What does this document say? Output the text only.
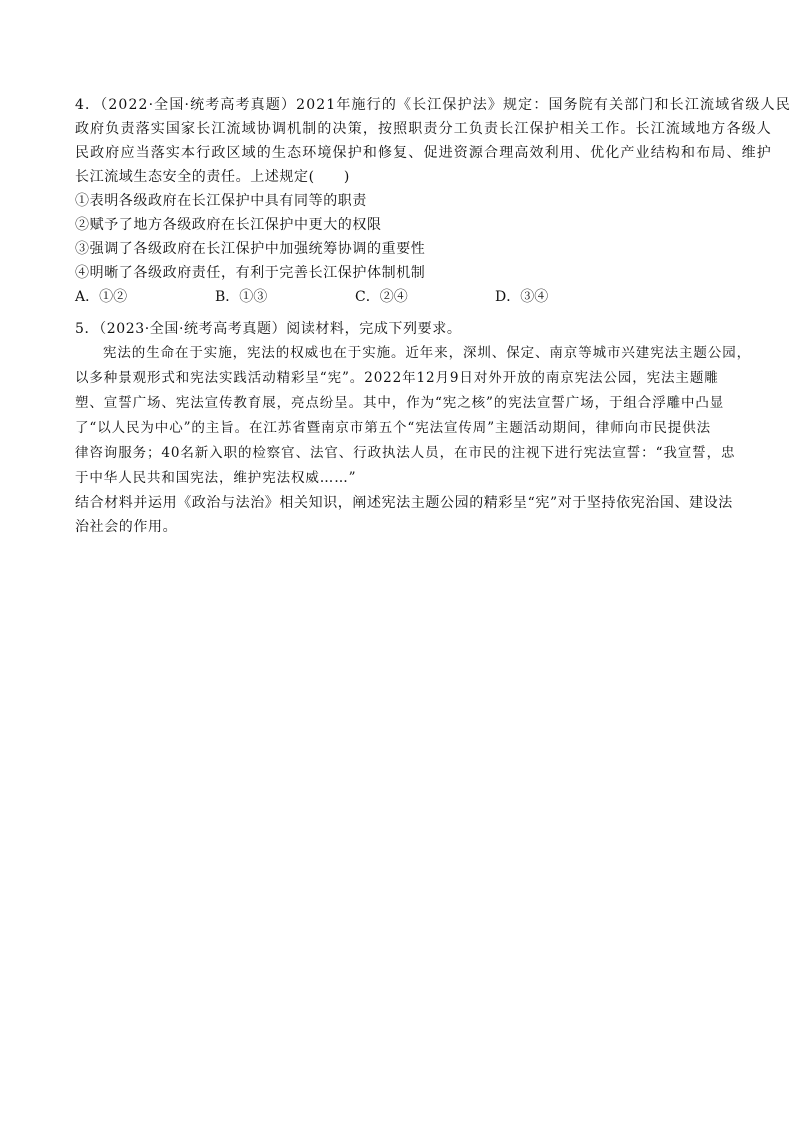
4．（2022·全国·统考高考真题）2021年施行的《长江保护法》规定：国务院有关部门和长江流域省级人民
政府负责落实国家长江流域协调机制的决策，按照职责分工负责长江保护相关工作。长江流域地方各级人
民政府应当落实本行政区域的生态环境保护和修复、促进资源合理高效利用、优化产业结构和布局、维护
长江流域生态安全的责任。上述规定(　　)
①表明各级政府在长江保护中具有同等的职责
②赋予了地方各级政府在长江保护中更大的权限
③强调了各级政府在长江保护中加强统筹协调的重要性
④明晰了各级政府责任，有利于完善长江保护体制机制
A．①②	B．①③	C．②④	D．③④
5．（2023·全国·统考高考真题）阅读材料，完成下列要求。
宪法的生命在于实施，宪法的权威也在于实施。近年来，深圳、保定、南京等城市兴建宪法主题公园，
以多种景观形式和宪法实践活动精彩呈“宪”。2022年12月9日对外开放的南京宪法公园，宪法主题雕
塑、宣誓广场、宪法宣传教育展，亮点纷呈。其中，作为“宪之核”的宪法宣誓广场，于组合浮雕中凸显
了“以人民为中心”的主旨。在江苏省暨南京市第五个“宪法宣传周”主题活动期间，律师向市民提供法
律咨询服务；40名新入职的检察官、法官、行政执法人员，在市民的注视下进行宪法宣誓：“我宣誓，忠
于中华人民共和国宪法，维护宪法权威……”
结合材料并运用《政治与法治》相关知识，阐述宪法主题公园的精彩呈“宪”对于坚持依宪治国、建设法
治社会的作用。
